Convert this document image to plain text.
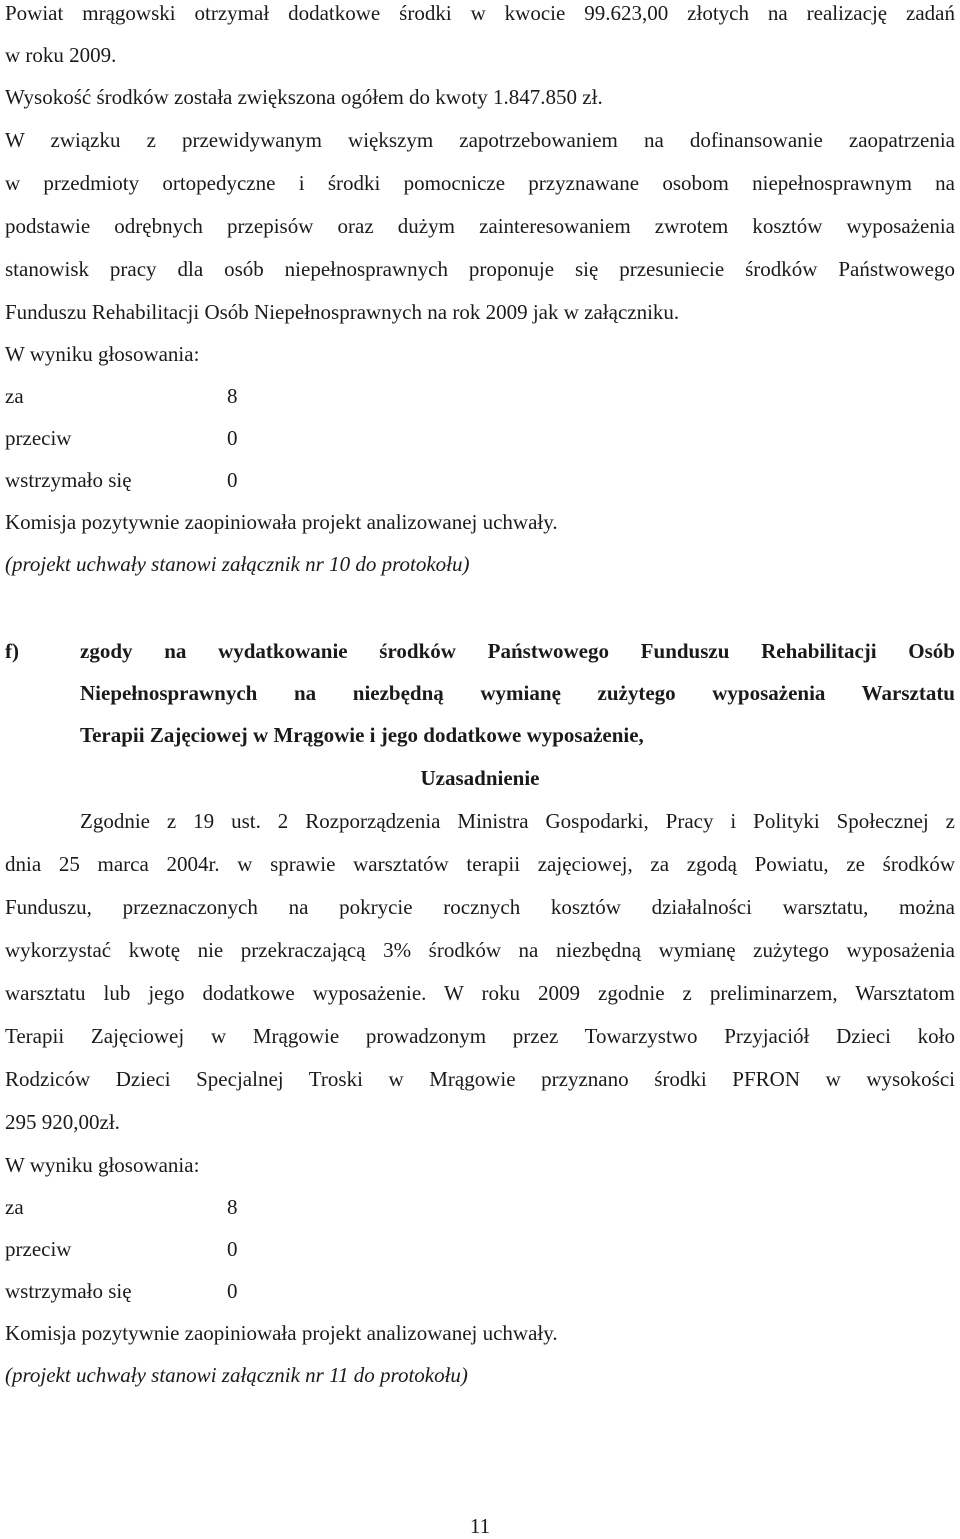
Powiat mrągowski otrzymał dodatkowe środki w kwocie 99.623,00 złotych na realizację zadań
w roku 2009.
Wysokość środków została zwiększona ogółem do kwoty 1.847.850 zł.
W związku z przewidywanym większym zapotrzebowaniem na dofinansowanie zaopatrzenia
w przedmioty ortopedyczne i środki pomocnicze przyznawane osobom niepełnosprawnym na
podstawie odrębnych przepisów oraz dużym zainteresowaniem zwrotem kosztów wyposażenia
stanowisk pracy dla osób niepełnosprawnych proponuje się przesuniecie środków Państwowego
Funduszu Rehabilitacji Osób Niepełnosprawnych na rok 2009 jak w załączniku.
W wyniku głosowania:
za	8
przeciw	0
wstrzymało się	0
Komisja pozytywnie zaopiniowała projekt analizowanej uchwały.
(projekt uchwały stanowi załącznik nr 10 do protokołu)
f)	zgody na wydatkowanie środków Państwowego Funduszu Rehabilitacji Osób
Niepełnosprawnych na niezbędną wymianę zużytego wyposażenia Warsztatu
Terapii Zajęciowej w Mrągowie i jego dodatkowe wyposażenie,
Uzasadnienie
Zgodnie z 19 ust. 2 Rozporządzenia Ministra Gospodarki, Pracy i Polityki Społecznej z
dnia 25 marca 2004r. w sprawie warsztatów terapii zajęciowej, za zgodą Powiatu, ze środków
Funduszu, przeznaczonych na pokrycie rocznych kosztów działalności warsztatu, można
wykorzystać kwotę nie przekraczającą 3% środków na niezbędną wymianę zużytego wyposażenia
warsztatu lub jego dodatkowe wyposażenie. W roku 2009 zgodnie z preliminarzem, Warsztatom
Terapii Zajęciowej w Mrągowie prowadzonym przez Towarzystwo Przyjaciół Dzieci koło
Rodziców Dzieci Specjalnej Troski w Mrągowie przyznano środki PFRON w wysokości
295 920,00zł.
W wyniku głosowania:
za	8
przeciw	0
wstrzymało się	0
Komisja pozytywnie zaopiniowała projekt analizowanej uchwały.
(projekt uchwały stanowi załącznik nr 11 do protokołu)
11
